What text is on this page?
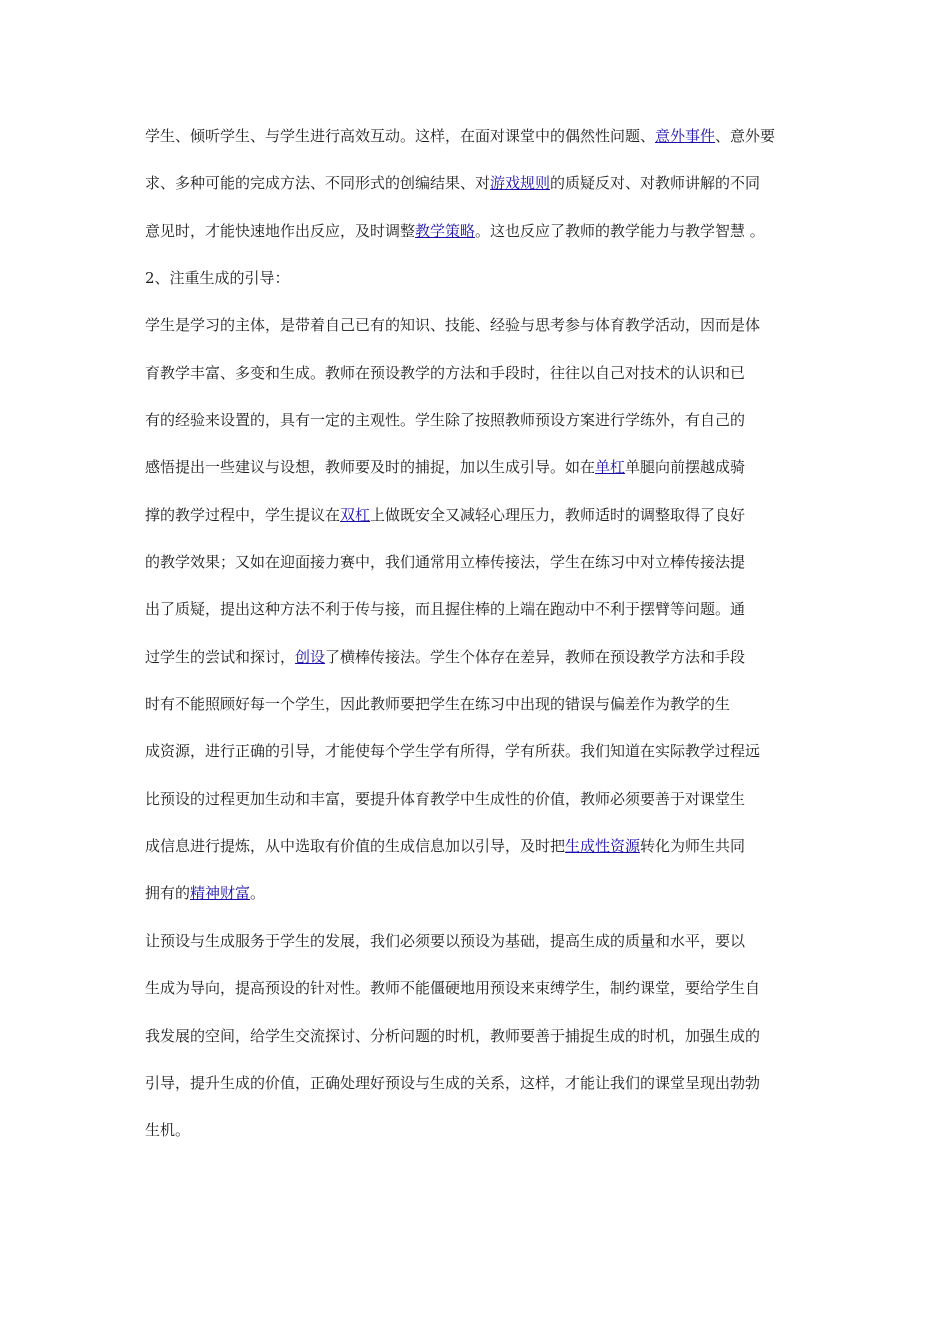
学生、倾听学生、与学生进行高效互动。这样，在面对课堂中的偶然性问题、意外事件、意外要
求、多种可能的完成方法、不同形式的创编结果、对游戏规则的质疑反对、对教师讲解的不同
意见时，才能快速地作出反应，及时调整教学策略。这也反应了教师的教学能力与教学智慧 。
2、注重生成的引导：
学生是学习的主体，是带着自己已有的知识、技能、经验与思考参与体育教学活动，因而是体
育教学丰富、多变和生成。教师在预设教学的方法和手段时，往往以自己对技术的认识和已
有的经验来设置的，具有一定的主观性。学生除了按照教师预设方案进行学练外，有自己的
感悟提出一些建议与设想，教师要及时的捕捉，加以生成引导。如在单杠单腿向前摆越成骑
撑的教学过程中，学生提议在双杠上做既安全又减轻心理压力，教师适时的调整取得了良好
的教学效果；又如在迎面接力赛中，我们通常用立棒传接法，学生在练习中对立棒传接法提
出了质疑，提出这种方法不利于传与接，而且握住棒的上端在跑动中不利于摆臂等问题。通
过学生的尝试和探讨，创设了横棒传接法。学生个体存在差异，教师在预设教学方法和手段
时有不能照顾好每一个学生，因此教师要把学生在练习中出现的错误与偏差作为教学的生
成资源，进行正确的引导，才能使每个学生学有所得，学有所获。我们知道在实际教学过程远
比预设的过程更加生动和丰富，要提升体育教学中生成性的价值，教师必须要善于对课堂生
成信息进行提炼，从中选取有价值的生成信息加以引导，及时把生成性资源转化为师生共同
拥有的精神财富。
让预设与生成服务于学生的发展，我们必须要以预设为基础，提高生成的质量和水平，要以
生成为导向，提高预设的针对性。教师不能僵硬地用预设来束缚学生，制约课堂，要给学生自
我发展的空间，给学生交流探讨、分析问题的时机，教师要善于捕捉生成的时机，加强生成的
引导，提升生成的价值，正确处理好预设与生成的关系，这样，才能让我们的课堂呈现出勃勃
生机。
